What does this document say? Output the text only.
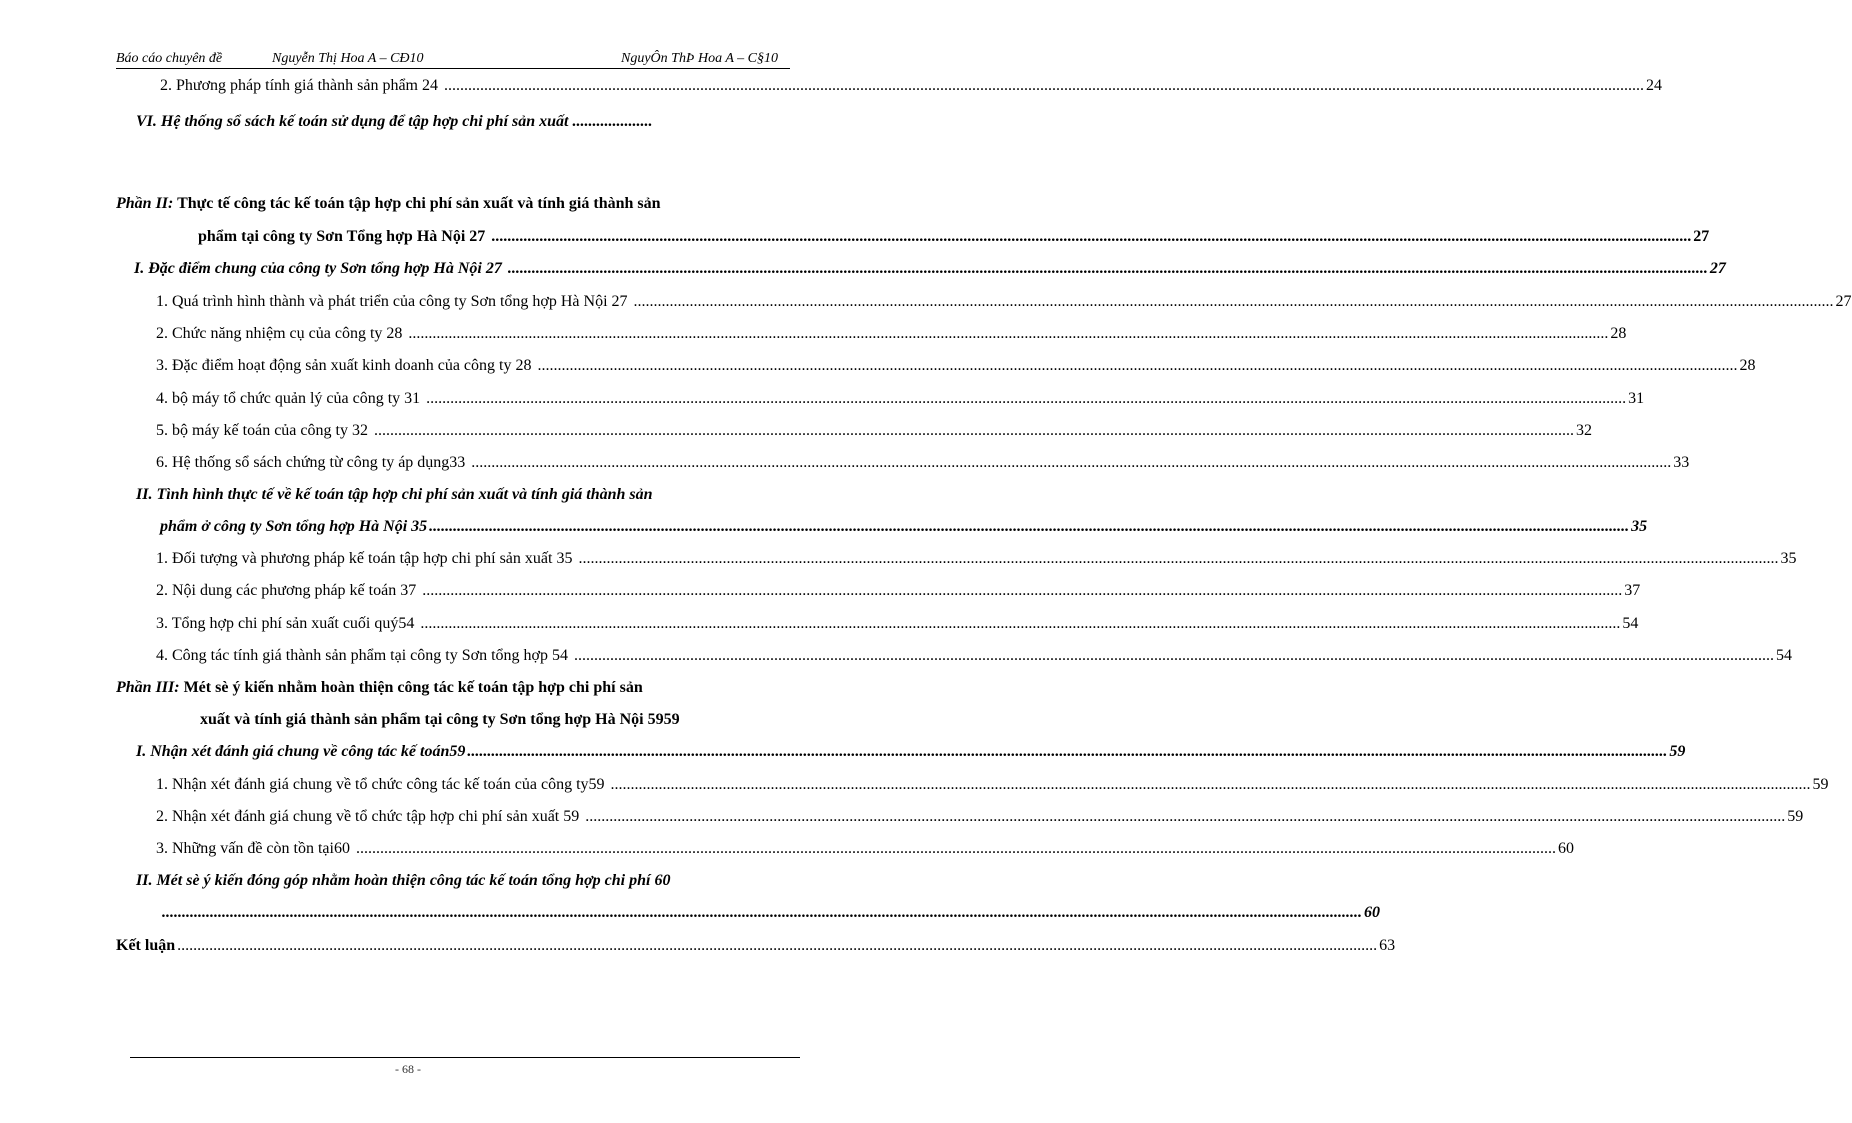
Báo cáo chuyên đề	Nguyễn Thị Hoa A – CĐ10	NguyÔn ThÞ Hoa A – C§10
2. Phương pháp tính giá thành sản phẩm 24 ............................................................................................................................................................................................................................................................................................................ 24
VI. Hệ thống sổ sách kế toán sử dụng để tập hợp chi phí sản xuất ....................
Phần II: Thực tế công tác kế toán tập hợp chi phí sản xuất và tính giá thành sản
phẩm tại công ty Sơn Tổng hợp Hà Nội 27 ............................................................................................................................................................................................................................................................................................................ 27
I. Đặc điểm chung của công ty Sơn tổng hợp Hà Nội 27 ............................................................................................................................................................................................................................................................................................................ 27
1. Quá trình hình thành và phát triển của công ty Sơn tổng hợp Hà Nội 27 ............................................................................................................................................................................................................................................................................................................ 27
2. Chức năng nhiệm cụ của công ty 28 ............................................................................................................................................................................................................................................................................................................ 28
3. Đặc điểm hoạt động sản xuất kinh doanh của công ty 28 ............................................................................................................................................................................................................................................................................................................ 28
4. bộ máy tổ chức quản lý của công ty 31 ............................................................................................................................................................................................................................................................................................................ 31
5. bộ máy kế toán của công ty 32 ............................................................................................................................................................................................................................................................................................................ 32
6. Hệ thống sổ sách chứng từ công ty áp dụng33 ............................................................................................................................................................................................................................................................................................................ 33
II. Tình hình thực tế về kế toán tập hợp chi phí sản xuất và tính giá thành sản
phẩm ở công ty Sơn tổng hợp Hà Nội 35 ............................................................................................................................................................................................................................................................................................................ 35
1. Đối tượng và phương pháp kế toán tập hợp chi phí sản xuất 35 ............................................................................................................................................................................................................................................................................................................ 35
2. Nội dung các phương pháp kế toán 37 ............................................................................................................................................................................................................................................................................................................ 37
3. Tổng hợp chi phí sản xuất cuối quý54 ............................................................................................................................................................................................................................................................................................................ 54
4. Công tác tính giá thành sản phẩm tại công ty Sơn tổng hợp 54 ............................................................................................................................................................................................................................................................................................................ 54
Phần III: Mét sè ý kiến nhằm hoàn thiện công tác kế toán tập hợp chi phí sản
xuất và tính giá thành sản phẩm tại công ty Sơn tổng hợp Hà Nội 5959
I. Nhận xét đánh giá chung về công tác kế toán59 ............................................................................................................................................................................................................................................................................................................ 59
1. Nhận xét đánh giá chung về tổ chức công tác kế toán của công ty59 ............................................................................................................................................................................................................................................................................................................ 59
2. Nhận xét đánh giá chung về tổ chức tập hợp chi phí sản xuất 59 ............................................................................................................................................................................................................................................................................................................ 59
3. Những vấn đề còn tồn tại60 ............................................................................................................................................................................................................................................................................................................ 60
II. Mét sè ý kiến đóng góp nhằm hoàn thiện công tác kế toán tổng hợp chi phí 60
............................................................................................................................................................................................................................................................................................................ 60
Kết luận ............................................................................................................................................................................................................................................................................................................ 63
- 68 -
